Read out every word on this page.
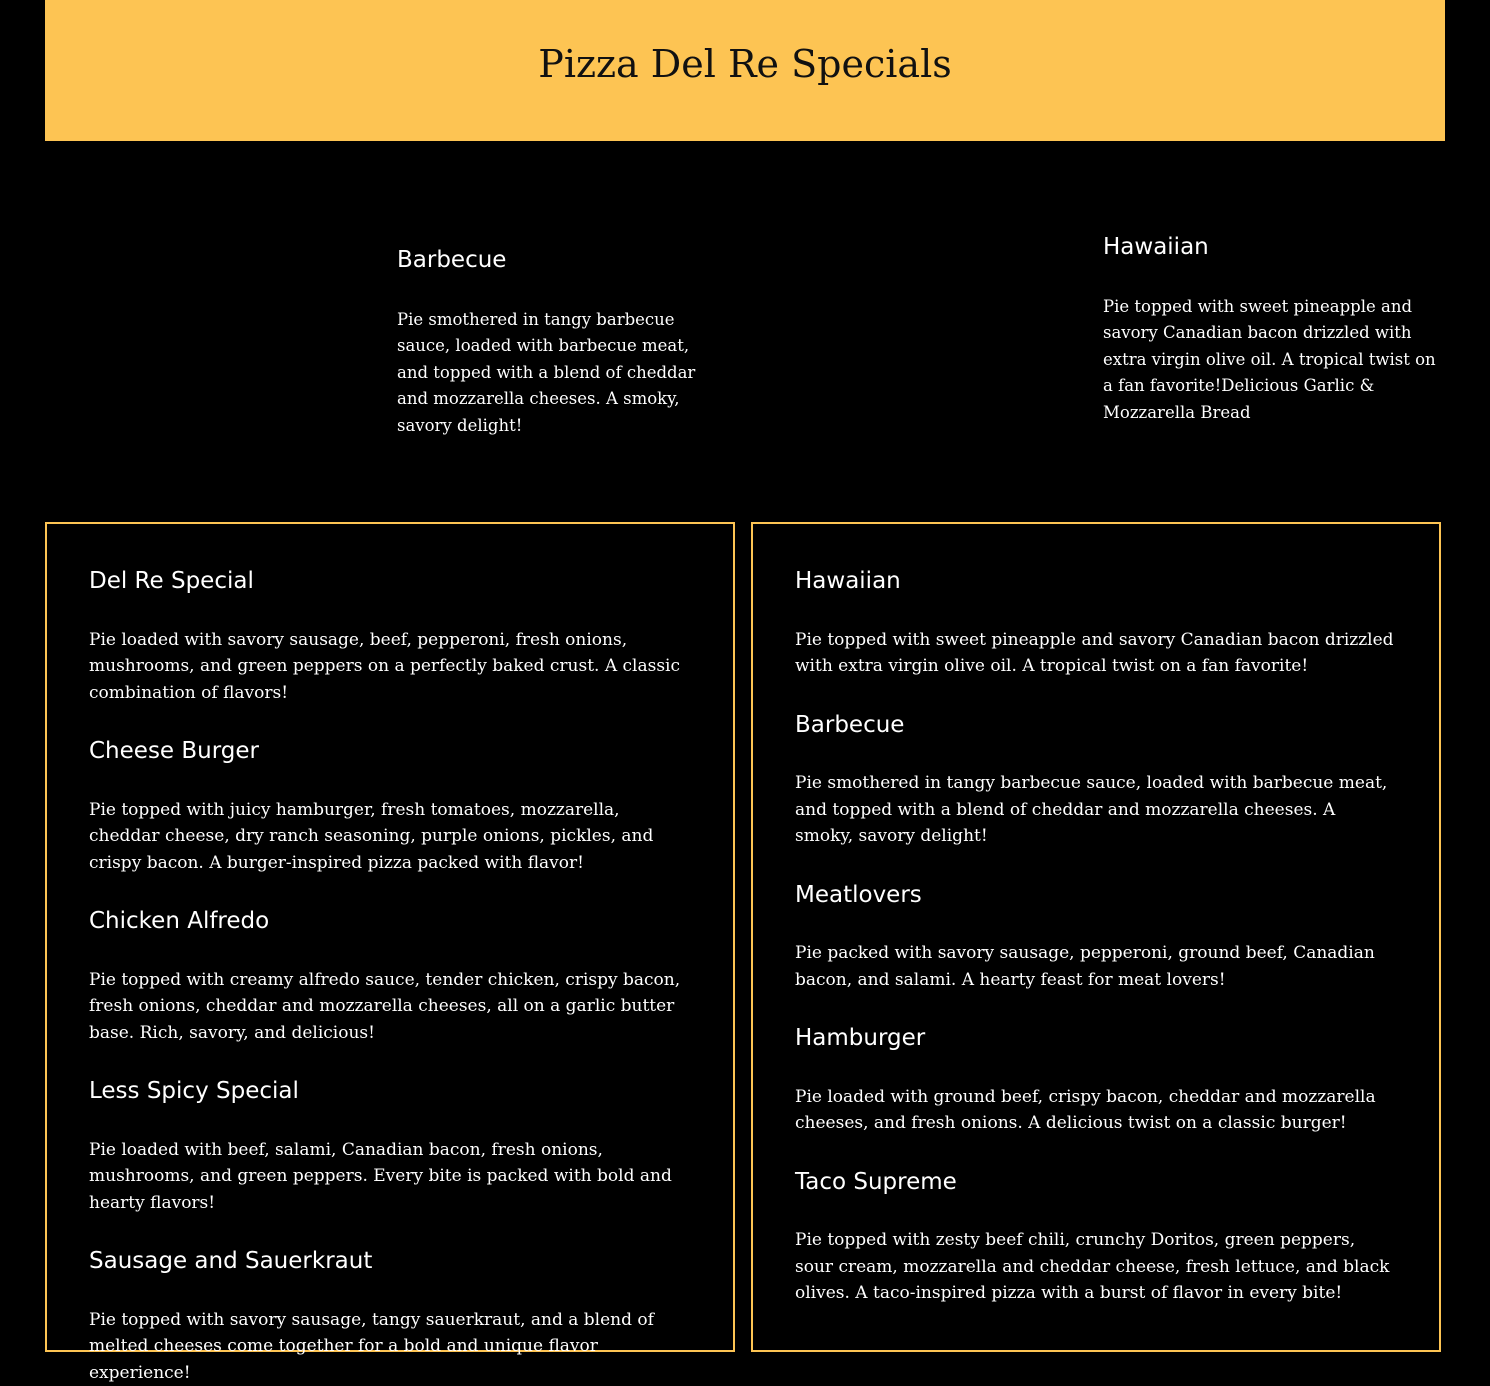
Pizza Del Re Specials
Barbecue

Pie smothered in tangy barbecue sauce, loaded with barbecue meat, and topped with a blend of cheddar and mozzarella cheeses. A smoky, savory delight!

Hawaiian

Pie topped with sweet pineapple and savory Canadian bacon drizzled with extra virgin olive oil. A tropical twist on a fan favorite!Delicious Garlic & Mozzarella Bread

Del Re Special

Pie loaded with savory sausage, beef, pepperoni, fresh onions, mushrooms, and green peppers on a perfectly baked crust. A classic combination of flavors!

Cheese Burger

Pie topped with juicy hamburger, fresh tomatoes, mozzarella, cheddar cheese, dry ranch seasoning, purple onions, pickles, and crispy bacon. A burger-inspired pizza packed with flavor!

Chicken Alfredo

Pie topped with creamy alfredo sauce, tender chicken, crispy bacon, fresh onions, cheddar and mozzarella cheeses, all on a garlic butter base. Rich, savory, and delicious!

Less Spicy Special

Pie loaded with beef, salami, Canadian bacon, fresh onions, mushrooms, and green peppers. Every bite is packed with bold and hearty flavors!

Sausage and Sauerkraut

Pie topped with savory sausage, tangy sauerkraut, and a blend of melted cheeses come together for a bold and unique flavor experience!

Hawaiian

Pie topped with sweet pineapple and savory Canadian bacon drizzled with extra virgin olive oil. A tropical twist on a fan favorite!

Barbecue

Pie smothered in tangy barbecue sauce, loaded with barbecue meat, and topped with a blend of cheddar and mozzarella cheeses. A smoky, savory delight!

Meatlovers

Pie packed with savory sausage, pepperoni, ground beef, Canadian bacon, and salami. A hearty feast for meat lovers!

Hamburger

Pie loaded with ground beef, crispy bacon, cheddar and mozzarella cheeses, and fresh onions. A delicious twist on a classic burger!

Taco Supreme

Pie topped with zesty beef chili, crunchy Doritos, green peppers, sour cream, mozzarella and cheddar cheese, fresh lettuce, and black olives. A taco-inspired pizza with a burst of flavor in every bite!
